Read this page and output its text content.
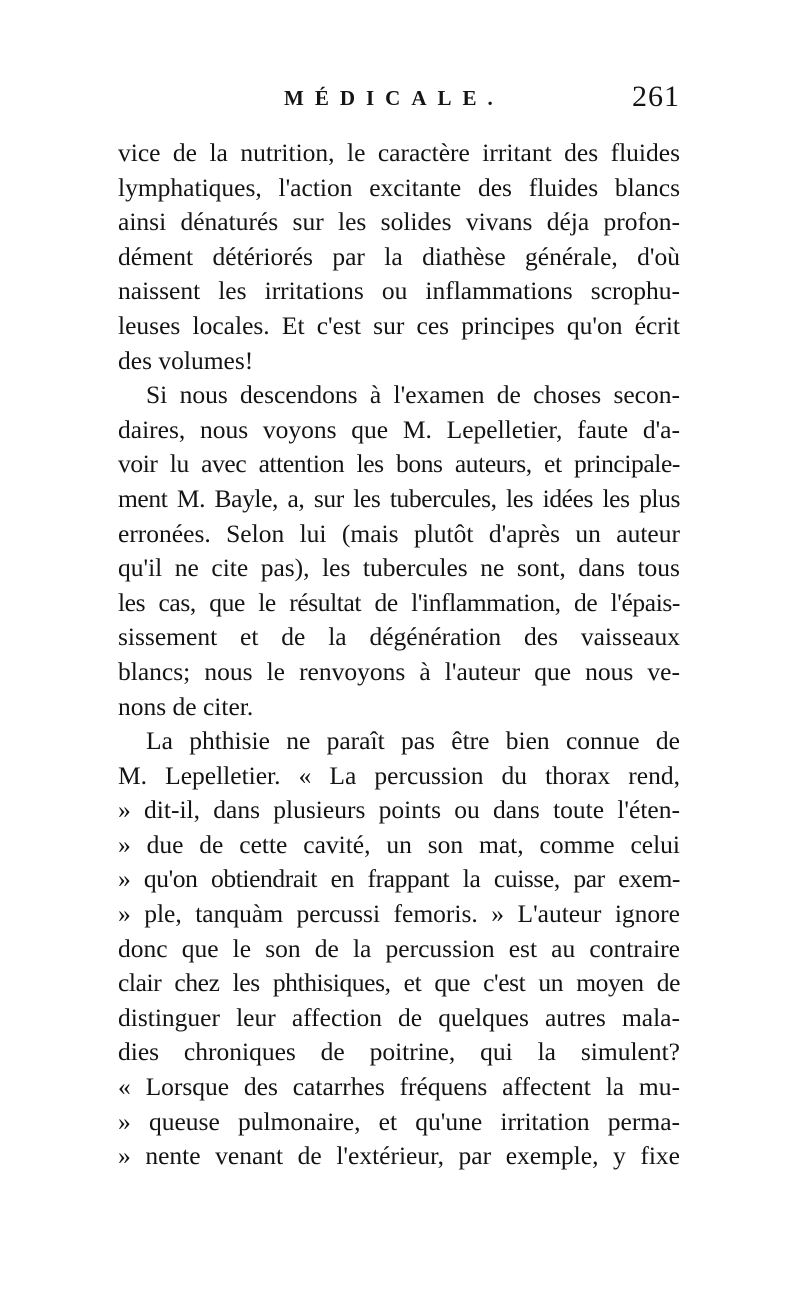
MÉDICALE.	261
vice de la nutrition, le caractère irritant des fluides
lymphatiques, l'action excitante des fluides blancs
ainsi dénaturés sur les solides vivans déja profon-
dément détériorés par la diathèse générale, d'où
naissent les irritations ou inflammations scrophu-
leuses locales. Et c'est sur ces principes qu'on écrit
des volumes!
Si nous descendons à l'examen de choses secon-
daires, nous voyons que M. Lepelletier, faute d'a-
voir lu avec attention les bons auteurs, et principale-
ment M. Bayle, a, sur les tubercules, les idées les plus
erronées. Selon lui (mais plutôt d'après un auteur
qu'il ne cite pas), les tubercules ne sont, dans tous
les cas, que le résultat de l'inflammation, de l'épais-
sissement et de la dégénération des vaisseaux
blancs; nous le renvoyons à l'auteur que nous ve-
nons de citer.
La phthisie ne paraît pas être bien connue de
M. Lepelletier. « La percussion du thorax rend,
» dit-il, dans plusieurs points ou dans toute l'éten-
» due de cette cavité, un son mat, comme celui
» qu'on obtiendrait en frappant la cuisse, par exem-
» ple, tanquàm percussi femoris. » L'auteur ignore
donc que le son de la percussion est au contraire
clair chez les phthisiques, et que c'est un moyen de
distinguer leur affection de quelques autres mala-
dies chroniques de poitrine, qui la simulent?
« Lorsque des catarrhes fréquens affectent la mu-
» queuse pulmonaire, et qu'une irritation perma-
» nente venant de l'extérieur, par exemple, y fixe
